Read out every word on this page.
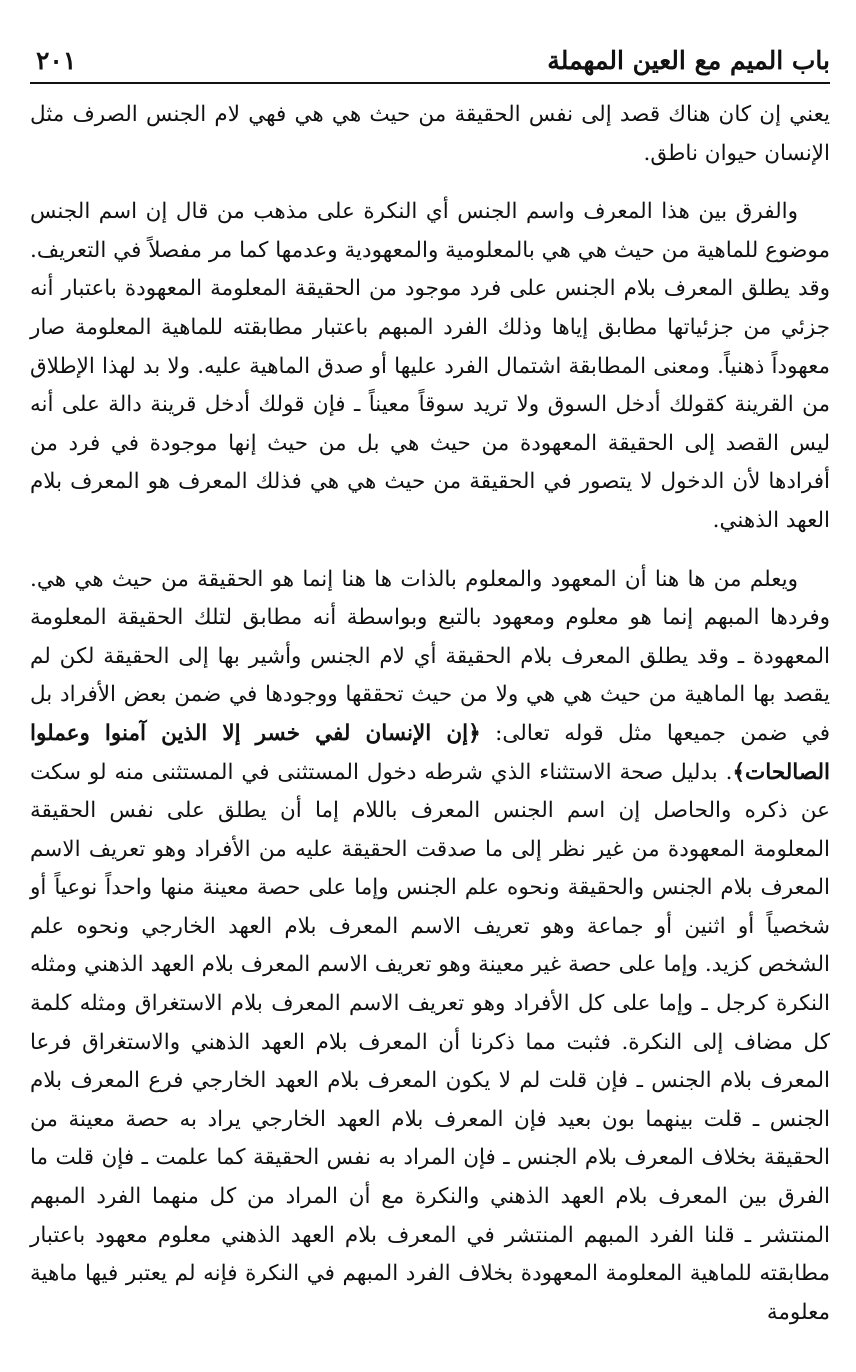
باب الميم مع العين المهملة
٢٠١

يعني إن كان هناك قصد إلى نفس الحقيقة من حيث هي هي فهي لام الجنس الصرف مثل الإنسان حيوان ناطق.

والفرق بين هذا المعرف واسم الجنس أي النكرة على مذهب من قال إن اسم الجنس موضوع للماهية من حيث هي هي بالمعلومية والمعهودية وعدمها كما مر مفصلاً في التعريف. وقد يطلق المعرف بلام الجنس على فرد موجود من الحقيقة المعلومة المعهودة باعتبار أنه جزئي من جزئياتها مطابق إياها وذلك الفرد المبهم باعتبار مطابقته للماهية المعلومة صار معهوداً ذهنياً. ومعنى المطابقة اشتمال الفرد عليها أو صدق الماهية عليه. ولا بد لهذا الإطلاق من القرينة كقولك أدخل السوق ولا تريد سوقاً معيناً ـ فإن قولك أدخل قرينة دالة على أنه ليس القصد إلى الحقيقة المعهودة من حيث هي بل من حيث إنها موجودة في فرد من أفرادها لأن الدخول لا يتصور في الحقيقة من حيث هي هي فذلك المعرف هو المعرف بلام العهد الذهني.

ويعلم من ها هنا أن المعهود والمعلوم بالذات ها هنا إنما هو الحقيقة من حيث هي هي. وفردها المبهم إنما هو معلوم ومعهود بالتبع وبواسطة أنه مطابق لتلك الحقيقة المعلومة المعهودة ـ وقد يطلق المعرف بلام الحقيقة أي لام الجنس وأشير بها إلى الحقيقة لكن لم يقصد بها الماهية من حيث هي هي ولا من حيث تحققها ووجودها في ضمن بعض الأفراد بل في ضمن جميعها مثل قوله تعالى: ﴿إن الإنسان لفي خسر إلا الذين آمنوا وعملوا الصالحات﴾. بدليل صحة الاستثناء الذي شرطه دخول المستثنى في المستثنى منه لو سكت عن ذكره والحاصل إن اسم الجنس المعرف باللام إما أن يطلق على نفس الحقيقة المعلومة المعهودة من غير نظر إلى ما صدقت الحقيقة عليه من الأفراد وهو تعريف الاسم المعرف بلام الجنس والحقيقة ونحوه علم الجنس وإما على حصة معينة منها واحداً نوعياً أو شخصياً أو اثنين أو جماعة وهو تعريف الاسم المعرف بلام العهد الخارجي ونحوه علم الشخص كزيد. وإما على حصة غير معينة وهو تعريف الاسم المعرف بلام العهد الذهني ومثله النكرة كرجل ـ وإما على كل الأفراد وهو تعريف الاسم المعرف بلام الاستغراق ومثله كلمة كل مضاف إلى النكرة. فثبت مما ذكرنا أن المعرف بلام العهد الذهني والاستغراق فرعا المعرف بلام الجنس ـ فإن قلت لم لا يكون المعرف بلام العهد الخارجي فرع المعرف بلام الجنس ـ قلت بينهما بون بعيد فإن المعرف بلام العهد الخارجي يراد به حصة معينة من الحقيقة بخلاف المعرف بلام الجنس ـ فإن المراد به نفس الحقيقة كما علمت ـ فإن قلت ما الفرق بين المعرف بلام العهد الذهني والنكرة مع أن المراد من كل منهما الفرد المبهم المنتشر ـ قلنا الفرد المبهم المنتشر في المعرف بلام العهد الذهني معلوم معهود باعتبار مطابقته للماهية المعلومة المعهودة بخلاف الفرد المبهم في النكرة فإنه لم يعتبر فيها ماهية معلومة
